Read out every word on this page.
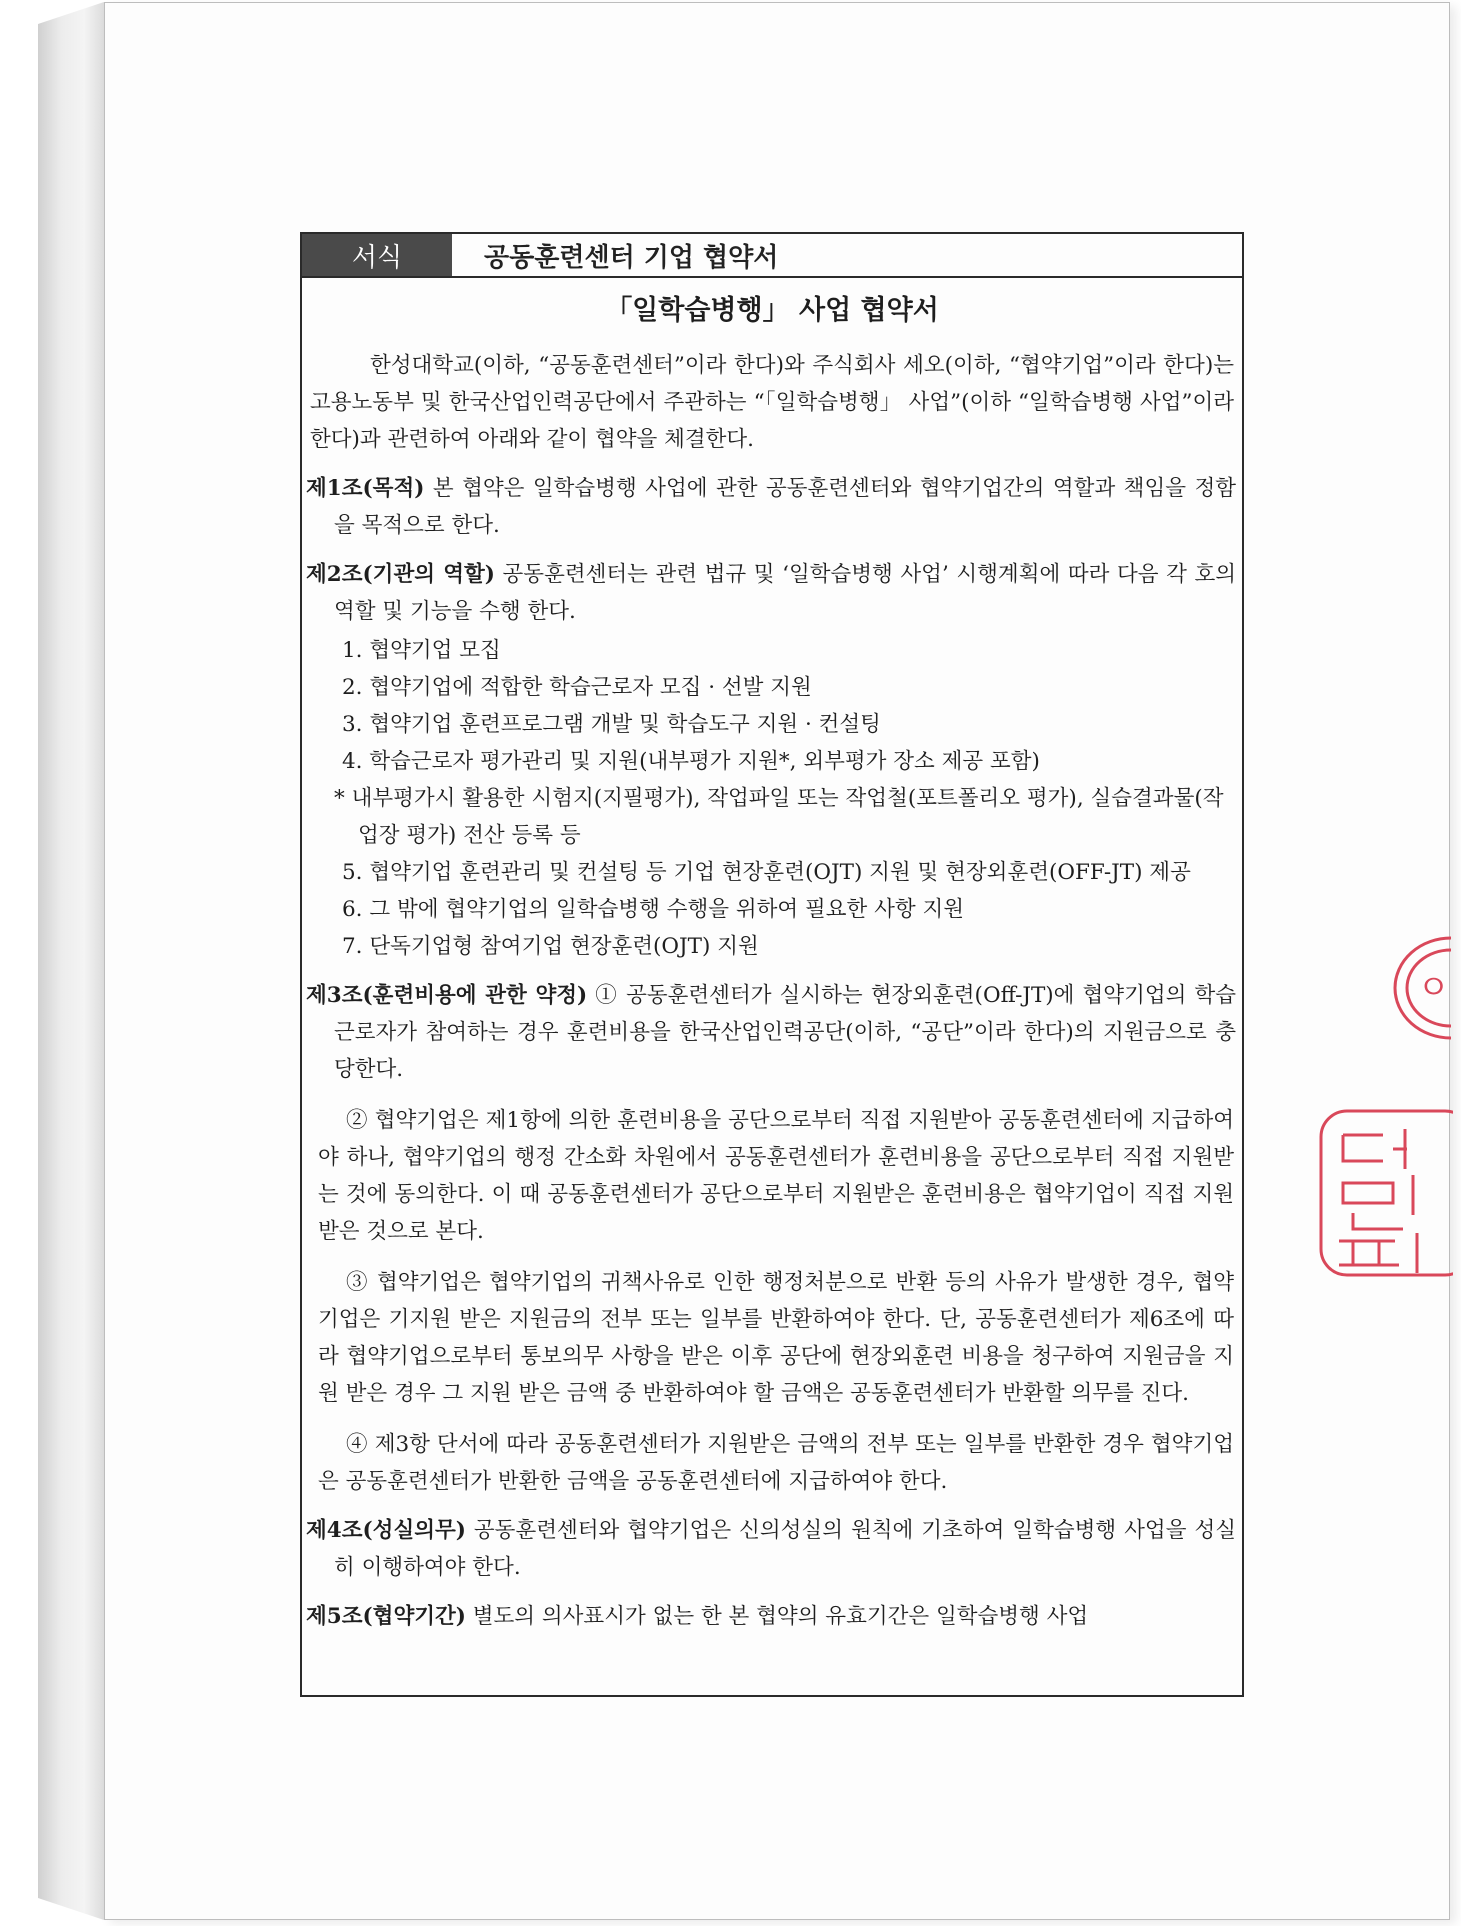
ㅇ
서식	공동훈련센터 기업 협약서
「일학습병행」 사업 협약서

한성대학교(이하, “공동훈련센터”이라 한다)와 주식회사 세오(이하, “협약기업”이라 한다)는 고용노동부 및 한국산업인력공단에서 주관하는 “「일학습병행」 사업”(이하 “일학습병행 사업”이라 한다)과 관련하여 아래와 같이 협약을 체결한다.

제1조(목적) 본 협약은 일학습병행 사업에 관한 공동훈련센터와 협약기업간의 역할과 책임을 정함을 목적으로 한다.

제2조(기관의 역할) 공동훈련센터는 관련 법규 및 ‘일학습병행 사업’ 시행계획에 따라 다음 각 호의 역할 및 기능을 수행 한다.

1. 협약기업 모집
2. 협약기업에 적합한 학습근로자 모집 · 선발 지원
3. 협약기업 훈련프로그램 개발 및 학습도구 지원 · 컨설팅
4. 학습근로자 평가관리 및 지원(내부평가 지원*, 외부평가 장소 제공 포함)

* 내부평가시 활용한 시험지(지필평가), 작업파일 또는 작업철(포트폴리오 평가), 실습결과물(작업장 평가) 전산 등록 등

5. 협약기업 훈련관리 및 컨설팅 등 기업 현장훈련(OJT) 지원 및 현장외훈련(OFF-JT) 제공
6. 그 밖에 협약기업의 일학습병행 수행을 위하여 필요한 사항 지원
7. 단독기업형 참여기업 현장훈련(OJT) 지원

제3조(훈련비용에 관한 약정) ① 공동훈련센터가 실시하는 현장외훈련(Off-JT)에 협약기업의 학습근로자가 참여하는 경우 훈련비용을 한국산업인력공단(이하, “공단”이라 한다)의 지원금으로 충당한다.

② 협약기업은 제1항에 의한 훈련비용을 공단으로부터 직접 지원받아 공동훈련센터에 지급하여야 하나, 협약기업의 행정 간소화 차원에서 공동훈련센터가 훈련비용을 공단으로부터 직접 지원받는 것에 동의한다. 이 때 공동훈련센터가 공단으로부터 지원받은 훈련비용은 협약기업이 직접 지원받은 것으로 본다.

③ 협약기업은 협약기업의 귀책사유로 인한 행정처분으로 반환 등의 사유가 발생한 경우, 협약기업은 기지원 받은 지원금의 전부 또는 일부를 반환하여야 한다. 단, 공동훈련센터가 제6조에 따라 협약기업으로부터 통보의무 사항을 받은 이후 공단에 현장외훈련 비용을 청구하여 지원금을 지원 받은 경우 그 지원 받은 금액 중 반환하여야 할 금액은 공동훈련센터가 반환할 의무를 진다.

④ 제3항 단서에 따라 공동훈련센터가 지원받은 금액의 전부 또는 일부를 반환한 경우 협약기업은 공동훈련센터가 반환한 금액을 공동훈련센터에 지급하여야 한다.

제4조(성실의무) 공동훈련센터와 협약기업은 신의성실의 원칙에 기초하여 일학습병행 사업을 성실히 이행하여야 한다.

제5조(협약기간) 별도의 의사표시가 없는 한 본 협약의 유효기간은 일학습병행 사업
